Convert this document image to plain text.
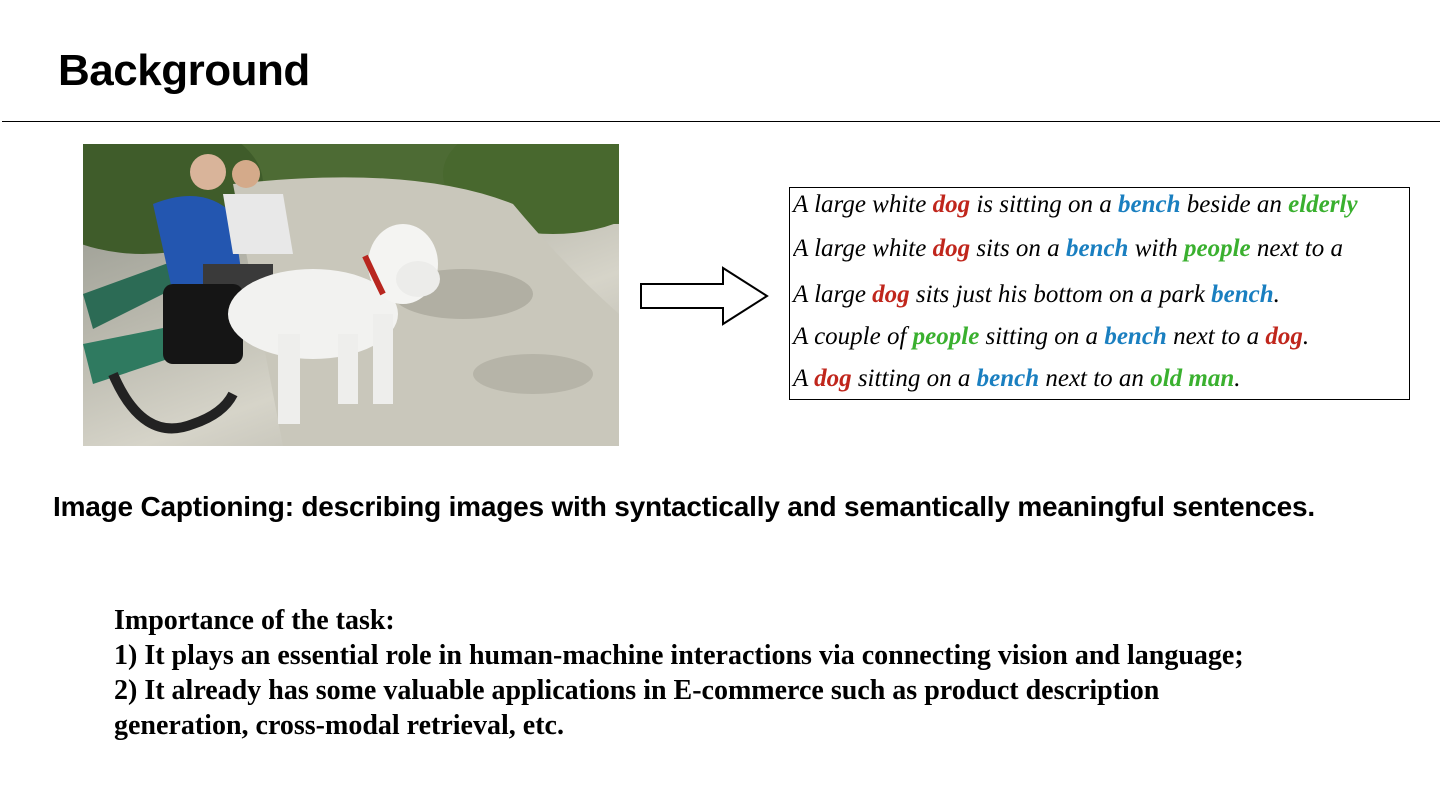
Background
A large white dog is sitting on a bench beside an elderly
A large white dog sits on a bench with people next to a
A large dog sits just his bottom on a park bench.
A couple of people sitting on a bench next to a dog.
A dog sitting on a bench next to an old man.
Image Captioning: describing images with syntactically and semantically meaningful sentences.
Importance of the task:
1) It plays an essential role in human-machine interactions via connecting vision and language;
2) It already has some valuable applications in E-commerce such as product description
generation, cross-modal retrieval, etc.
